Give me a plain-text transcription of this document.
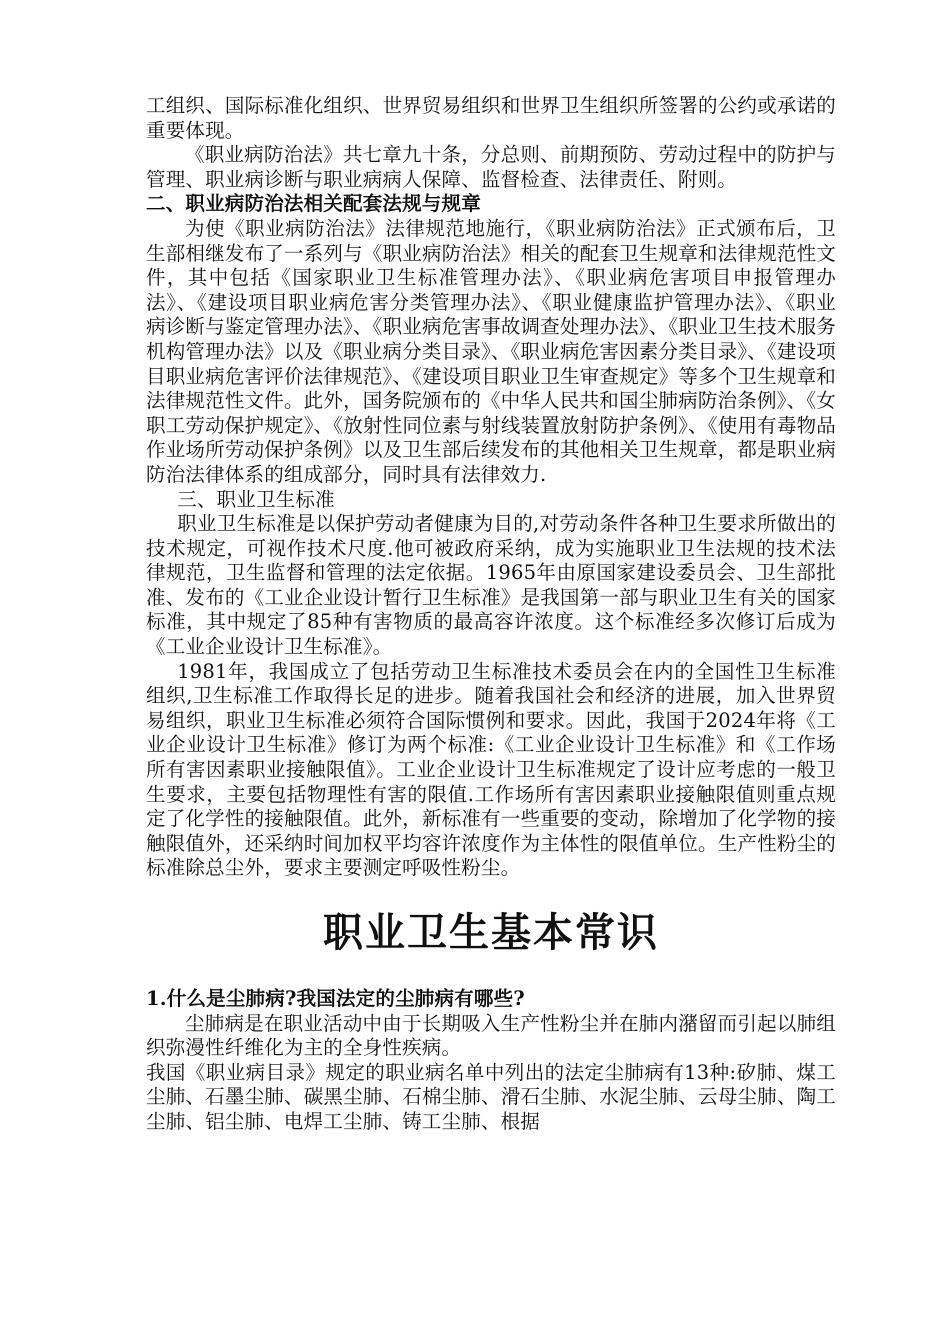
工组织、国际标准化组织、世界贸易组织和世界卫生组织所签署的公约或承诺的重要体现。

《职业病防治法》共七章九十条，分总则、前期预防、劳动过程中的防护与管理、职业病诊断与职业病病人保障、监督检查、法律责任、附则。

二、职业病防治法相关配套法规与规章

为使《职业病防治法》法律规范地施行，《职业病防治法》正式颁布后，卫生部相继发布了一系列与《职业病防治法》相关的配套卫生规章和法律规范性文件，其中包括《国家职业卫生标准管理办法》、《职业病危害项目申报管理办法》、《建设项目职业病危害分类管理办法》、《职业健康监护管理办法》、《职业病诊断与鉴定管理办法》、《职业病危害事故调查处理办法》、《职业卫生技术服务机构管理办法》以及《职业病分类目录》、《职业病危害因素分类目录》、《建设项目职业病危害评价法律规范》、《建设项目职业卫生审查规定》等多个卫生规章和法律规范性文件。此外，国务院颁布的《中华人民共和国尘肺病防治条例》、《女职工劳动保护规定》、《放射性同位素与射线装置放射防护条例》、《使用有毒物品作业场所劳动保护条例》以及卫生部后续发布的其他相关卫生规章，都是职业病防治法律体系的组成部分，同时具有法律效力.

三、职业卫生标准

职业卫生标准是以保护劳动者健康为目的,对劳动条件各种卫生要求所做出的技术规定，可视作技术尺度.他可被政府采纳，成为实施职业卫生法规的技术法律规范，卫生监督和管理的法定依据。1965年由原国家建设委员会、卫生部批准、发布的《工业企业设计暂行卫生标准》是我国第一部与职业卫生有关的国家标准，其中规定了85种有害物质的最高容许浓度。这个标准经多次修订后成为《工业企业设计卫生标准》。

1981年，我国成立了包括劳动卫生标准技术委员会在内的全国性卫生标准组织,卫生标准工作取得长足的进步。随着我国社会和经济的进展，加入世界贸易组织，职业卫生标准必须符合国际惯例和要求。因此，我国于2024年将《工业企业设计卫生标准》修订为两个标准:《工业企业设计卫生标准》和《工作场所有害因素职业接触限值》。工业企业设计卫生标准规定了设计应考虑的一般卫生要求，主要包括物理性有害的限值.工作场所有害因素职业接触限值则重点规定了化学性的接触限值。此外，新标准有一些重要的变动，除增加了化学物的接触限值外，还采纳时间加权平均容许浓度作为主体性的限值单位。生产性粉尘的标准除总尘外，要求主要测定呼吸性粉尘。

职业卫生基本常识

1.什么是尘肺病?我国法定的尘肺病有哪些?

尘肺病是在职业活动中由于长期吸入生产性粉尘并在肺内潴留而引起以肺组织弥漫性纤维化为主的全身性疾病。

我国《职业病目录》规定的职业病名单中列出的法定尘肺病有13种:矽肺、煤工尘肺、石墨尘肺、碳黑尘肺、石棉尘肺、滑石尘肺、水泥尘肺、云母尘肺、陶工尘肺、铝尘肺、电焊工尘肺、铸工尘肺、根据
